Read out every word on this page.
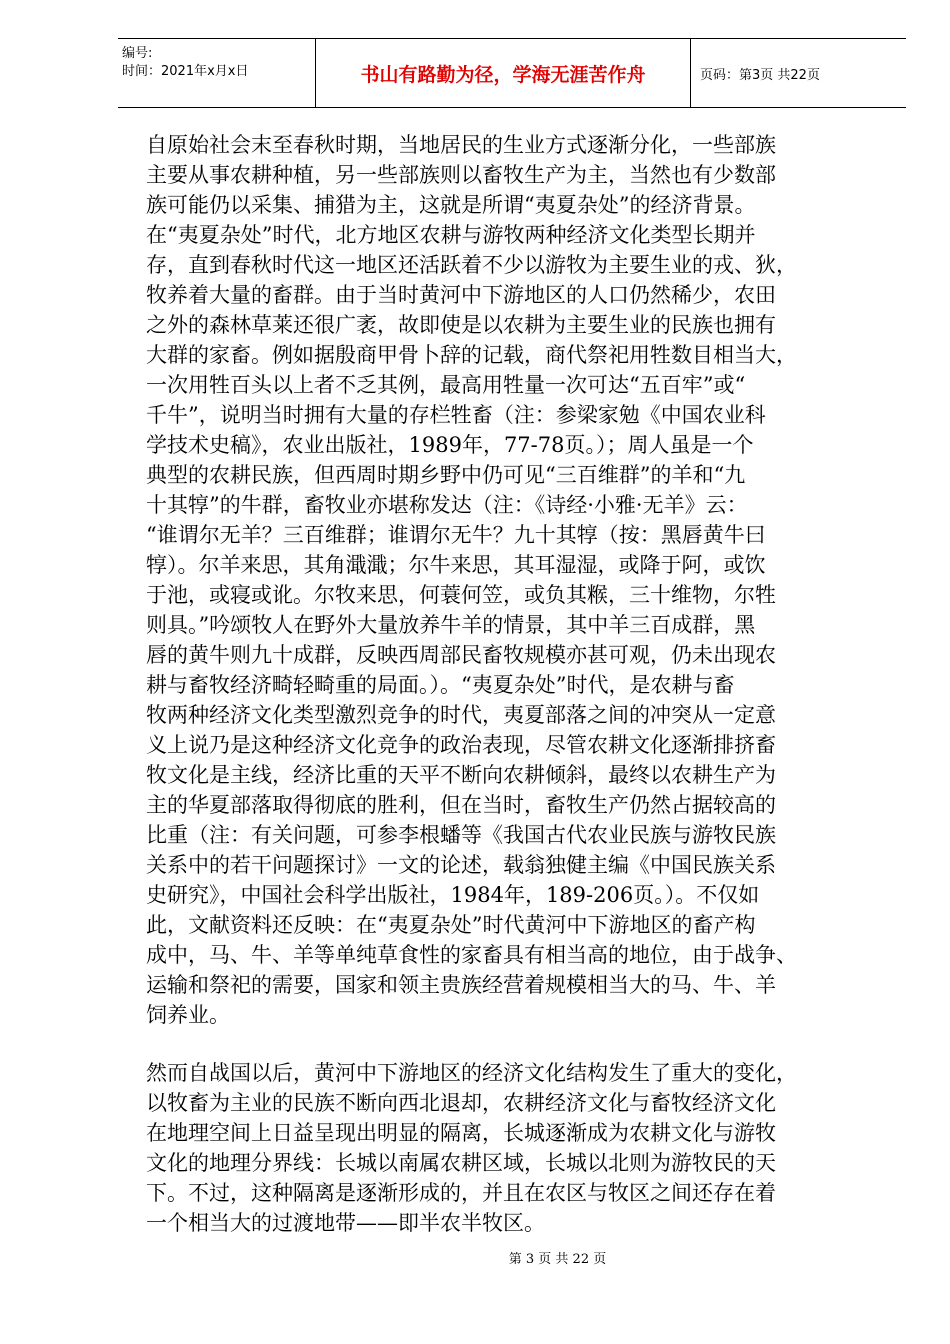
编号:
时间：2021年x月x日	书山有路勤为径，学海无涯苦作舟	页码：第3页 共22页

自原始社会末至春秋时期，当地居民的生业方式逐渐分化，一些部族
主要从事农耕种植，另一些部族则以畜牧生产为主，当然也有少数部
族可能仍以采集、捕猎为主，这就是所谓“夷夏杂处”的经济背景。
在“夷夏杂处”时代，北方地区农耕与游牧两种经济文化类型长期并
存，直到春秋时代这一地区还活跃着不少以游牧为主要生业的戎、狄，
牧养着大量的畜群。由于当时黄河中下游地区的人口仍然稀少，农田
之外的森林草莱还很广袤，故即使是以农耕为主要生业的民族也拥有
大群的家畜。例如据殷商甲骨卜辞的记载，商代祭祀用牲数目相当大，
一次用牲百头以上者不乏其例，最高用牲量一次可达“五百牢”或“
千牛”，说明当时拥有大量的存栏牲畜（注：参梁家勉《中国农业科
学技术史稿》，农业出版社，1989年，77-78页。）；周人虽是一个
典型的农耕民族，但西周时期乡野中仍可见“三百维群”的羊和“九
十其犉”的牛群，畜牧业亦堪称发达（注：《诗经·小雅·无羊》云：
“谁谓尔无羊？三百维群；谁谓尔无牛？九十其犉（按：黑唇黄牛曰
犉）。尔羊来思，其角濈濈；尔牛来思，其耳湿湿，或降于阿，或饮
于池，或寝或讹。尔牧来思，何蓑何笠，或负其糇，三十维物，尔牲
则具。”吟颂牧人在野外大量放养牛羊的情景，其中羊三百成群，黑
唇的黄牛则九十成群，反映西周部民畜牧规模亦甚可观，仍未出现农
耕与畜牧经济畸轻畸重的局面。）。“夷夏杂处”时代，是农耕与畜
牧两种经济文化类型激烈竞争的时代，夷夏部落之间的冲突从一定意
义上说乃是这种经济文化竞争的政治表现，尽管农耕文化逐渐排挤畜
牧文化是主线，经济比重的天平不断向农耕倾斜，最终以农耕生产为
主的华夏部落取得彻底的胜利，但在当时，畜牧生产仍然占据较高的
比重（注：有关问题，可参李根蟠等《我国古代农业民族与游牧民族
关系中的若干问题探讨》一文的论述，载翁独健主编《中国民族关系
史研究》，中国社会科学出版社，1984年，189-206页。）。不仅如
此，文献资料还反映：在“夷夏杂处”时代黄河中下游地区的畜产构
成中，马、牛、羊等单纯草食性的家畜具有相当高的地位，由于战争、
运输和祭祀的需要，国家和领主贵族经营着规模相当大的马、牛、羊
饲养业。

然而自战国以后，黄河中下游地区的经济文化结构发生了重大的变化，
以牧畜为主业的民族不断向西北退却，农耕经济文化与畜牧经济文化
在地理空间上日益呈现出明显的隔离，长城逐渐成为农耕文化与游牧
文化的地理分界线：长城以南属农耕区域，长城以北则为游牧民的天
下。不过，这种隔离是逐渐形成的，并且在农区与牧区之间还存在着
一个相当大的过渡地带——即半农半牧区。

第 3 页 共 22 页
